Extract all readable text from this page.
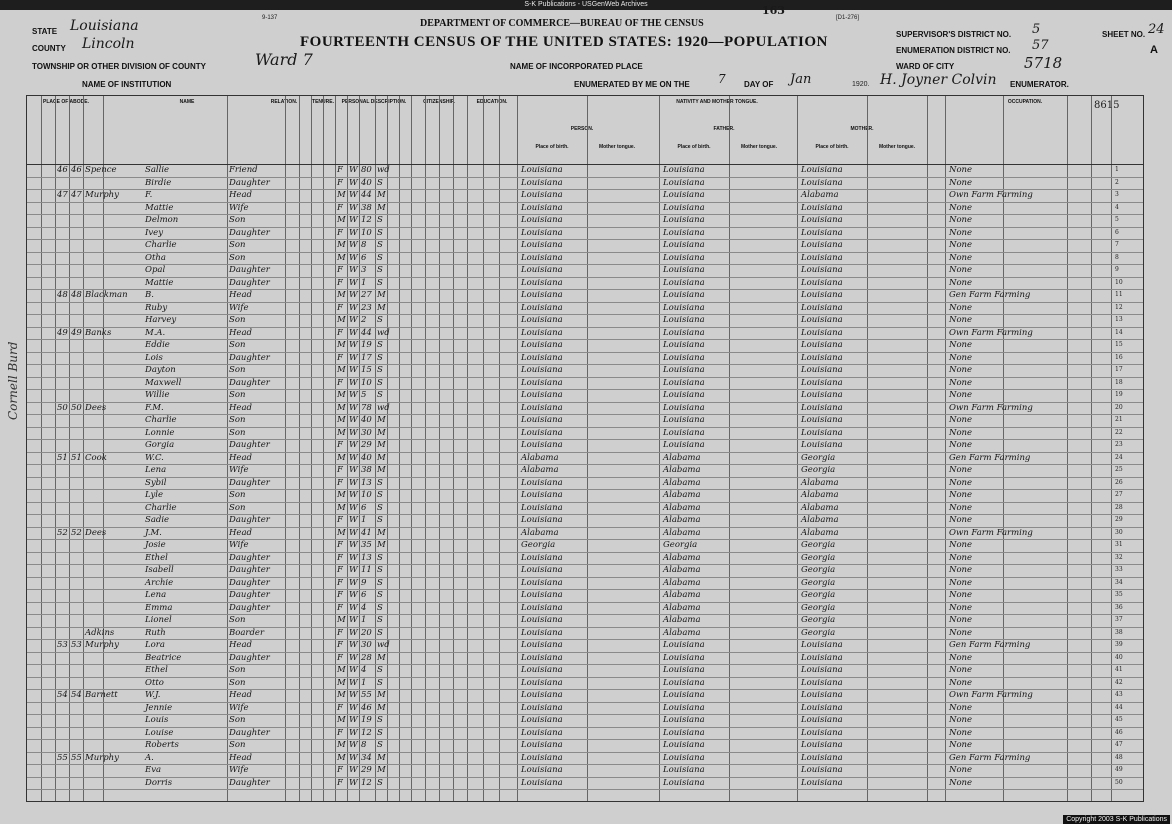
S-K Publications - USGenWeb Archives
9-137	[D1-276]
163
DEPARTMENT OF COMMERCE—BUREAU OF THE CENSUS
FOURTEENTH CENSUS OF THE UNITED STATES: 1920—POPULATION
STATE Louisiana
COUNTY Lincoln
TOWNSHIP OR OTHER DIVISION OF COUNTY	Ward 7
NAME OF INSTITUTION
NAME OF INCORPORATED PLACE
ENUMERATED BY ME ON THE 7 DAY OF Jan	1920. H. Joyner Colvin ENUMERATOR.
SUPERVISOR'S DISTRICT NO. 5
ENUMERATION DISTRICT NO. 57
SHEET NO. 24
A
WARD OF CITY	5718
PLACE OF ABODE.	NAME	RELATION.	TENURE.	PERSONAL DESCRIPTION.	CITIZENSHIP.	EDUCATION.	NATIVITY AND MOTHER TONGUE.
PERSON.	FATHER.	MOTHER.
OCCUPATION.
Place of birth.	Mother tongue.	Place of birth.	Mother tongue.	Place of birth.	Mother tongue.
1
46 46 Spence	Sallie	Friend	F W 80 wd	Louisiana	Louisiana	Louisiana	None
2
Birdie	Daughter	F W 40 S	Louisiana	Louisiana	Louisiana	None
3
47 47 Murphy	F.	Head	M W 44 M	Louisiana	Louisiana	Alabama	Own Farm Farming
4
Mattie	Wife	F W 38 M	Louisiana	Louisiana	Louisiana	None
5
Delmon	Son	M W 12 S	Louisiana	Louisiana	Louisiana	None
6
Ivey	Daughter	F W 10 S	Louisiana	Louisiana	Louisiana	None
7
Charlie	Son	M W 8 S	Louisiana	Louisiana	Louisiana	None
8
Otha	Son	M W 6 S	Louisiana	Louisiana	Louisiana	None
9
Opal	Daughter	F W 3 S	Louisiana	Louisiana	Louisiana	None
10
Mattie	Daughter	F W 1 S	Louisiana	Louisiana	Louisiana	None
11
48 48 Blackman B.	Head	M W 27 M	Louisiana	Louisiana	Louisiana	Gen Farm Farming
12
Ruby	Wife	F W 23 M	Louisiana	Louisiana	Louisiana	None
13
Harvey	Son	M W 2 S	Louisiana	Louisiana	Louisiana	None
14
49 49 Banks	M.A.	Head	F W 44 wd	Louisiana	Louisiana	Louisiana	Own Farm Farming
15
Eddie	Son	M W 19 S	Louisiana	Louisiana	Louisiana	None
16
Lois	Daughter	F W 17 S	Louisiana	Louisiana	Louisiana	None
17
Dayton	Son	M W 15 S	Louisiana	Louisiana	Louisiana	None
18
Maxwell	Daughter	F W 10 S	Louisiana	Louisiana	Louisiana	None
19
Willie	Son	M W 5 S	Louisiana	Louisiana	Louisiana	None
20
50 50 Dees	F.M.	Head	M W 78 wd	Louisiana	Louisiana	Louisiana	Own Farm Farming
21
Charlie	Son	M W 40 M	Louisiana	Louisiana	Louisiana	None
22
Lonnie	Son	M W 30 M	Louisiana	Louisiana	Louisiana	None
23
Gorgia	Daughter	F W 29 M	Louisiana	Louisiana	Louisiana	None
24
51 51 Cook	W.C.	Head	M W 40 M	Alabama	Alabama	Georgia	Gen Farm Farming
25
Lena	Wife	F W 38 M	Alabama	Alabama	Georgia	None
26
Sybil	Daughter	F W 13 S	Louisiana	Alabama	Alabama	None
27
Lyle	Son	M W 10 S	Louisiana	Alabama	Alabama	None
28
Charlie	Son	M W 6 S	Louisiana	Alabama	Alabama	None
29
Sadie	Daughter	F W 1 S	Louisiana	Alabama	Alabama	None
30
52 52 Dees	J.M.	Head	M W 41 M	Alabama	Alabama	Alabama	Own Farm Farming
31
Josie	Wife	F W 35 M	Georgia	Georgia	Georgia	None
32
Ethel	Daughter	F W 13 S	Louisiana	Alabama	Georgia	None
33
Isabell	Daughter	F W 11 S	Louisiana	Alabama	Georgia	None
34
Archie	Daughter	F W 9 S	Louisiana	Alabama	Georgia	None
35
Lena	Daughter	F W 6 S	Louisiana	Alabama	Georgia	None
36
Emma	Daughter	F W 4 S	Louisiana	Alabama	Georgia	None
37
Lionel	Son	M W 1 S	Louisiana	Alabama	Georgia	None
38
Adkins	Ruth	Boarder	F W 20 S	Louisiana	Alabama	Georgia	None
39
53 53 Murphy	Lora	Head	F W 30 wd	Louisiana	Louisiana	Louisiana	Gen Farm Farming
40
Beatrice	Daughter	F W 28 M	Louisiana	Louisiana	Louisiana	None
41
Ethel	Son	M W 4 S	Louisiana	Louisiana	Louisiana	None
42
Otto	Son	M W 1 S	Louisiana	Louisiana	Louisiana	None
43
54 54 Barnett	W.J.	Head	M W 55 M	Louisiana	Louisiana	Louisiana	Own Farm Farming
44
Jennie	Wife	F W 46 M	Louisiana	Louisiana	Louisiana	None
45
Louis	Son	M W 19 S	Louisiana	Louisiana	Louisiana	None
46
Louise	Daughter	F W 12 S	Louisiana	Louisiana	Louisiana	None
47
Roberts	Son	M W 8 S	Louisiana	Louisiana	Louisiana	None
48
55 55 Murphy	A.	Head	M W 34 M	Louisiana	Louisiana	Louisiana	Gen Farm Farming
49
Eva	Wife	F W 29 M	Louisiana	Louisiana	Louisiana	None
50
Dorris	Daughter	F W 12 S	Louisiana	Louisiana	Louisiana	None
8615
Cornell Burd
Copyright 2003 S-K Publications
